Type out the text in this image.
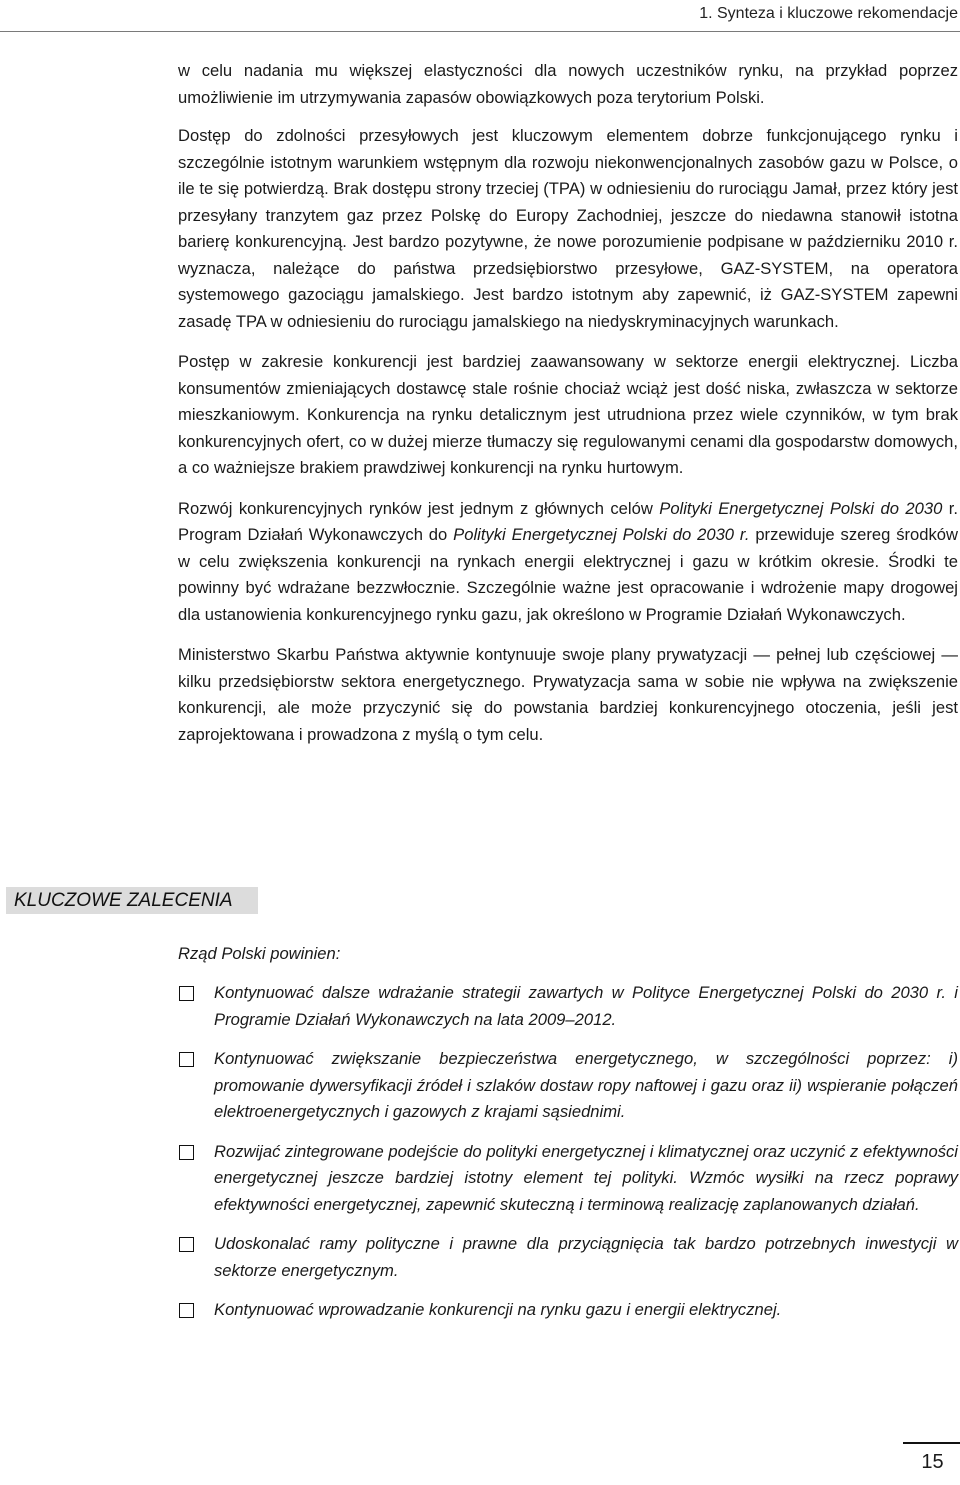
1. Synteza i kluczowe rekomendacje

w celu nadania mu większej elastyczności dla nowych uczestników rynku, na przykład poprzez umożliwienie im utrzymywania zapasów obowiązkowych poza terytorium Polski.

Dostęp do zdolności przesyłowych jest kluczowym elementem dobrze funkcjonującego rynku i szczególnie istotnym warunkiem wstępnym dla rozwoju niekonwencjonalnych zasobów gazu w Polsce, o ile te się potwierdzą. Brak dostępu strony trzeciej (TPA) w odniesieniu do rurociągu Jamał, przez który jest przesyłany tranzytem gaz przez Polskę do Europy Zachodniej, jeszcze do niedawna stanowił istotna barierę konkurencyjną. Jest bardzo pozytywne, że nowe porozumienie podpisane w październiku 2010 r. wyznacza, należące do państwa przedsiębiorstwo przesyłowe, GAZ-SYSTEM, na operatora systemowego gazociągu jamalskiego. Jest bardzo istotnym aby zapewnić, iż GAZ-SYSTEM zapewni zasadę TPA w odniesieniu do rurociągu jamalskiego na niedyskryminacyjnych warunkach.

Postęp w zakresie konkurencji jest bardziej zaawansowany w sektorze energii elektrycznej. Liczba konsumentów zmieniających dostawcę stale rośnie chociaż wciąż jest dość niska, zwłaszcza w sektorze mieszkaniowym. Konkurencja na rynku detalicznym jest utrudniona przez wiele czynników, w tym brak konkurencyjnych ofert, co w dużej mierze tłumaczy się regulowanymi cenami dla gospodarstw domowych, a co ważniejsze brakiem prawdziwej konkurencji na rynku hurtowym.

Rozwój konkurencyjnych rynków jest jednym z głównych celów Polityki Energetycznej Polski do 2030 r. Program Działań Wykonawczych do Polityki Energetycznej Polski do 2030 r. przewiduje szereg środków w celu zwiększenia konkurencji na rynkach energii elektrycznej i gazu w krótkim okresie. Środki te powinny być wdrażane bezzwłocznie. Szczególnie ważne jest opracowanie i wdrożenie mapy drogowej dla ustanowienia konkurencyjnego rynku gazu, jak określono w Programie Działań Wykonawczych.

Ministerstwo Skarbu Państwa aktywnie kontynuuje swoje plany prywatyzacji — pełnej lub częściowej — kilku przedsiębiorstw sektora energetycznego. Prywatyzacja sama w sobie nie wpływa na zwiększenie konkurencji, ale może przyczynić się do powstania bardziej konkurencyjnego otoczenia, jeśli jest zaprojektowana i prowadzona z myślą o tym celu.

KLUCZOWE ZALECENIA
Rząd Polski powinien:
Kontynuować dalsze wdrażanie strategii zawartych w Polityce Energetycznej Polski do 2030 r. i Programie Działań Wykonawczych na lata 2009–2012.
Kontynuować zwiększanie bezpieczeństwa energetycznego, w szczególności poprzez: i) promowanie dywersyfikacji źródeł i szlaków dostaw ropy naftowej i gazu oraz ii) wspieranie połączeń elektroenergetycznych i gazowych z krajami sąsiednimi.
Rozwijać zintegrowane podejście do polityki energetycznej i klimatycznej oraz uczynić z efektywności energetycznej jeszcze bardziej istotny element tej polityki. Wzmóc wysiłki na rzecz poprawy efektywności energetycznej, zapewnić skuteczną i terminową realizację zaplanowanych działań.
Udoskonalać ramy polityczne i prawne dla przyciągnięcia tak bardzo potrzebnych inwestycji w sektorze energetycznym.
Kontynuować wprowadzanie konkurencji na rynku gazu i energii elektrycznej.
15
